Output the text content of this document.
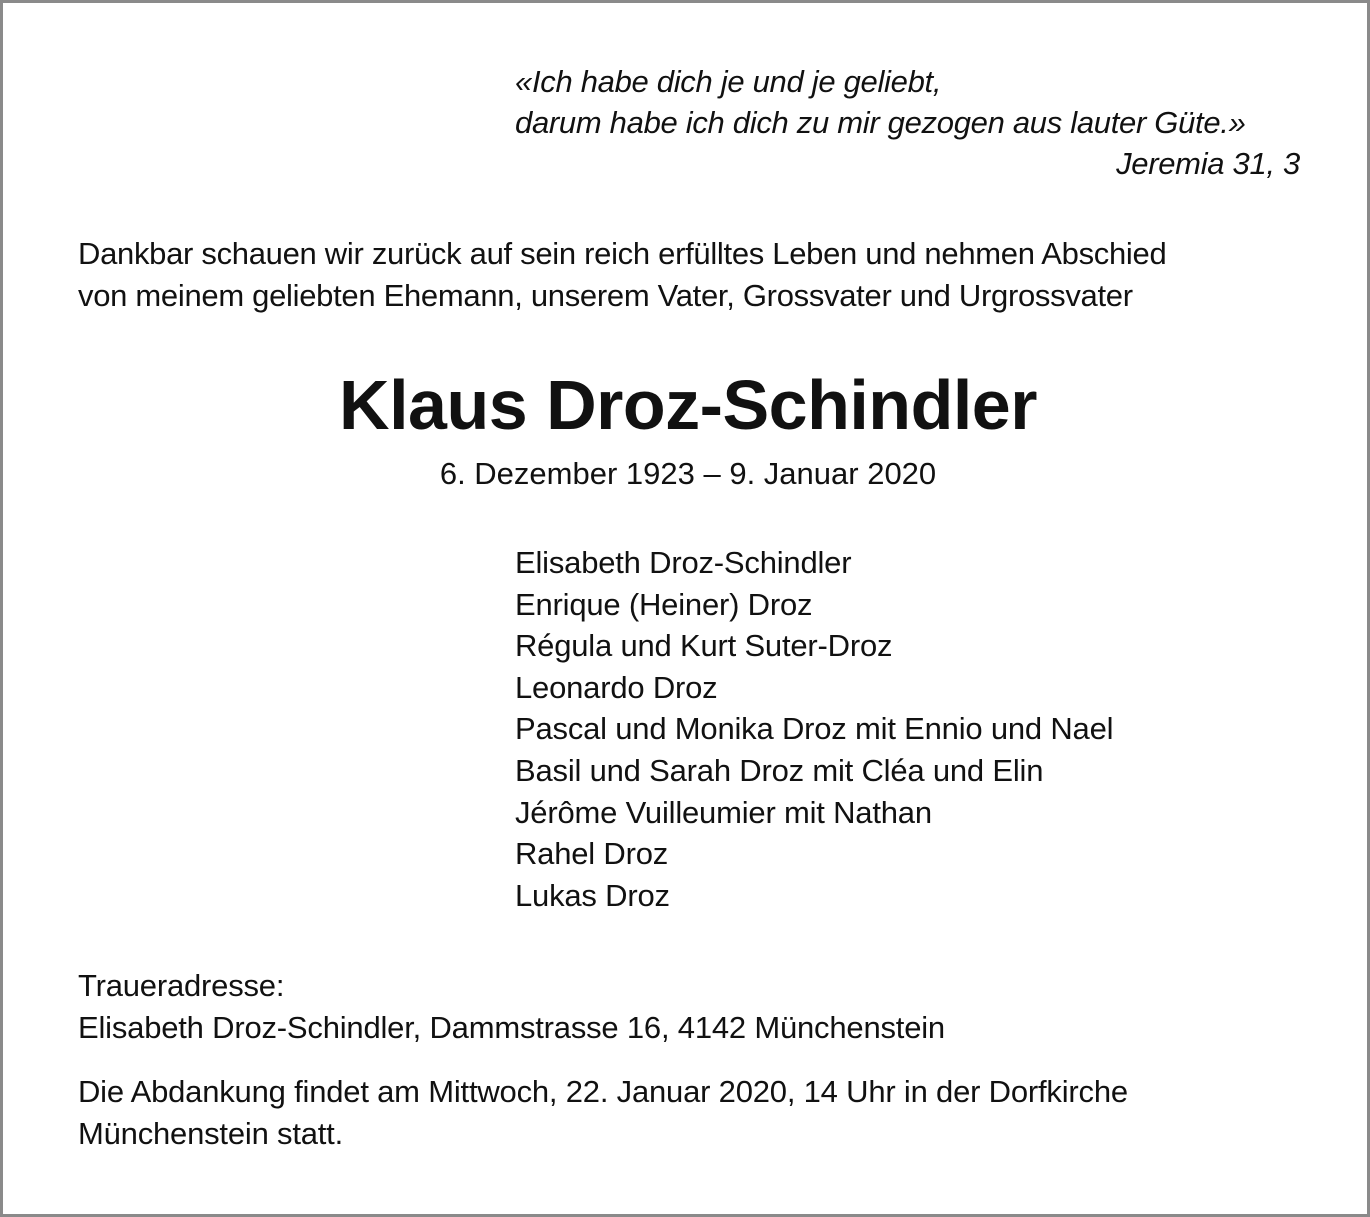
«Ich habe dich je und je geliebt,
darum habe ich dich zu mir gezogen aus lauter Güte.»
Jeremia 31, 3
Dankbar schauen wir zurück auf sein reich erfülltes Leben und nehmen Abschied
von meinem geliebten Ehemann, unserem Vater, Grossvater und Urgrossvater
Klaus Droz-Schindler
6. Dezember 1923 – 9. Januar 2020
Elisabeth Droz-Schindler
Enrique (Heiner) Droz
Régula und Kurt Suter-Droz
Leonardo Droz
Pascal und Monika Droz mit Ennio und Nael
Basil und Sarah Droz mit Cléa und Elin
Jérôme Vuilleumier mit Nathan
Rahel Droz
Lukas Droz
Traueradresse:
Elisabeth Droz-Schindler, Dammstrasse 16, 4142 Münchenstein
Die Abdankung findet am Mittwoch, 22. Januar 2020, 14 Uhr in der Dorfkirche
Münchenstein statt.
